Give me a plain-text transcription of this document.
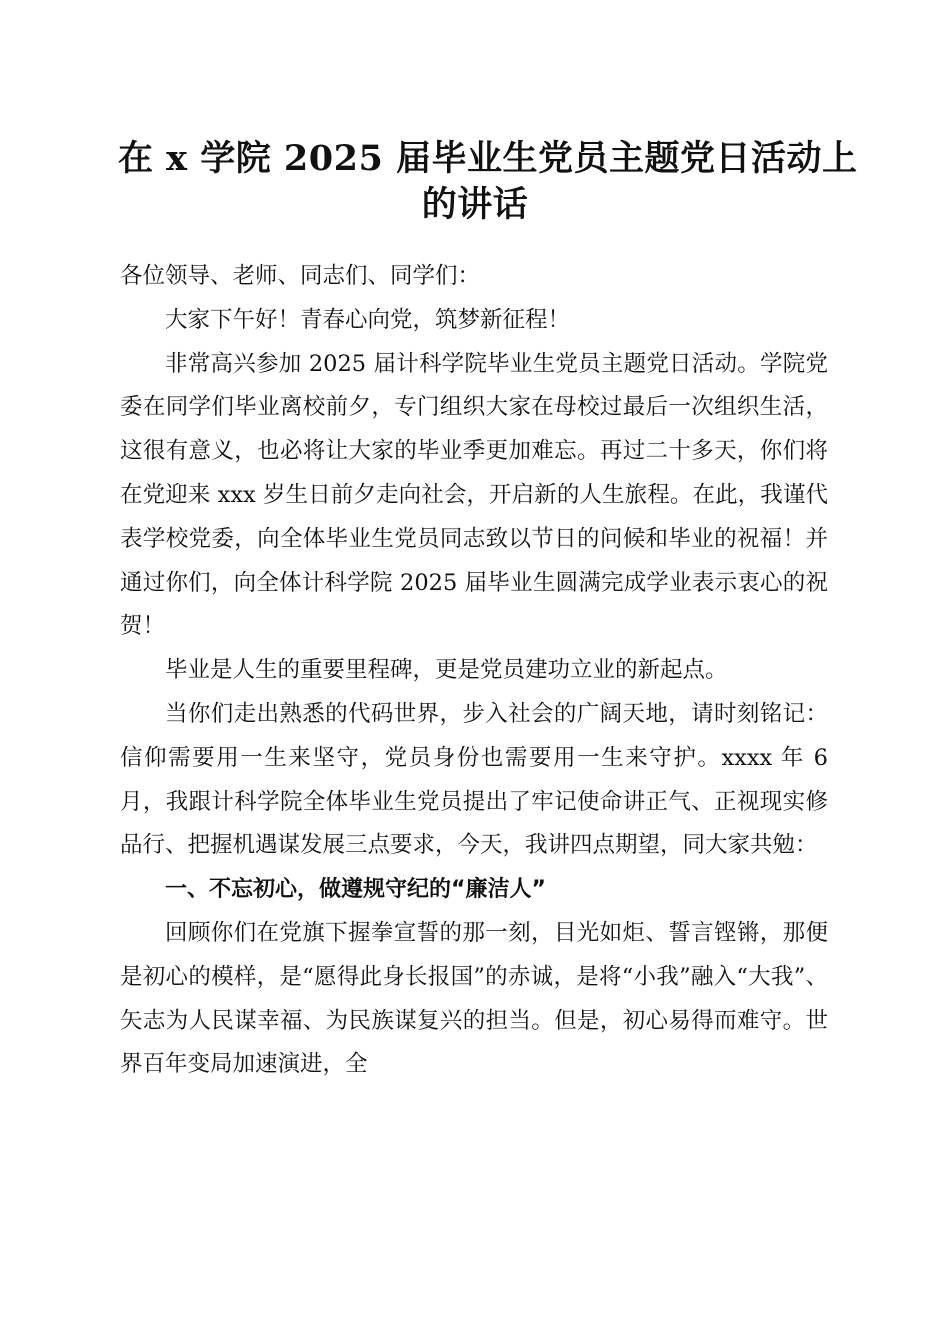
在 x 学院 2025 届毕业生党员主题党日活动上
的讲话

各位领导、老师、同志们、同学们：

大家下午好！青春心向党，筑梦新征程！

非常高兴参加 2025 届计科学院毕业生党员主题党日活动。学院党委在同学们毕业离校前夕，专门组织大家在母校过最后一次组织生活，这很有意义，也必将让大家的毕业季更加难忘。再过二十多天，你们将在党迎来 xxx 岁生日前夕走向社会，开启新的人生旅程。在此，我谨代表学校党委，向全体毕业生党员同志致以节日的问候和毕业的祝福！并通过你们，向全体计科学院 2025 届毕业生圆满完成学业表示衷心的祝贺！

毕业是人生的重要里程碑，更是党员建功立业的新起点。

当你们走出熟悉的代码世界，步入社会的广阔天地，请时刻铭记：信仰需要用一生来坚守，党员身份也需要用一生来守护。xxxx 年 6 月，我跟计科学院全体毕业生党员提出了牢记使命讲正气、正视现实修品行、把握机遇谋发展三点要求，今天，我讲四点期望，同大家共勉：

一、不忘初心，做遵规守纪的“廉洁人”

回顾你们在党旗下握拳宣誓的那一刻，目光如炬、誓言铿锵，那便是初心的模样，是“愿得此身长报国”的赤诚，是将“小我”融入“大我”、矢志为人民谋幸福、为民族谋复兴的担当。但是，初心易得而难守。世界百年变局加速演进，全
